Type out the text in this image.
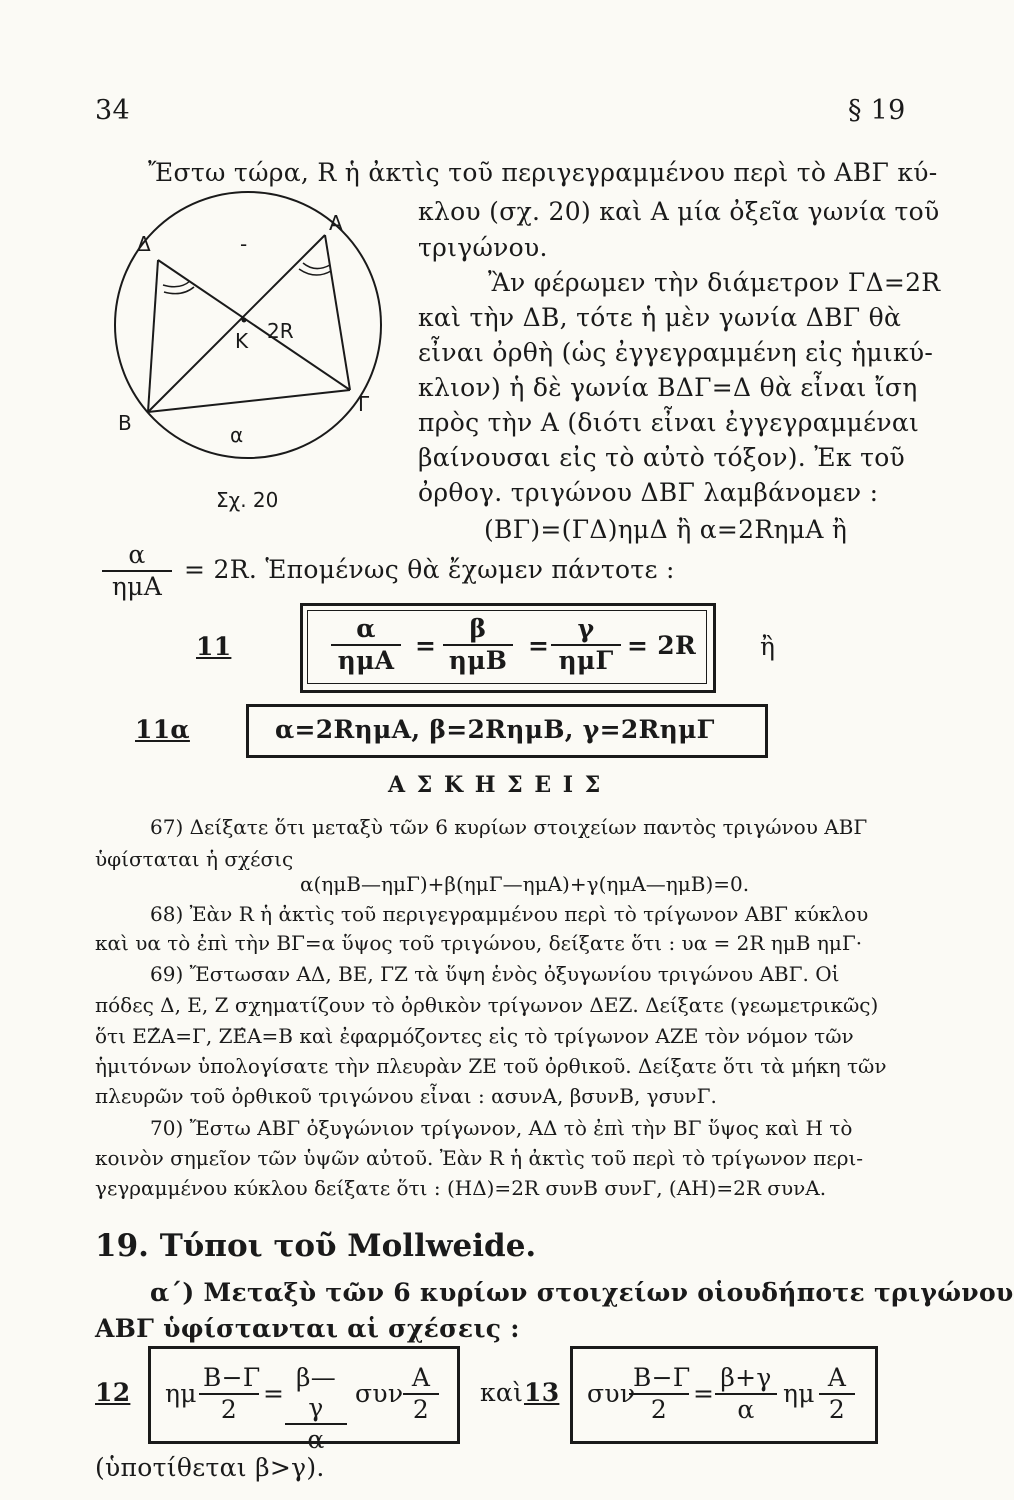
34	§ 19
Ἔστω τώρα, R ἡ ἀκτὶς τοῦ περιγεγραμμένου περὶ τὸ ΑΒΓ κύ-
κλου (σχ. 20) καὶ Α μία ὀξεῖα γωνία τοῦ
τριγώνου.
Ἂν φέρωμεν τὴν διάμετρον ΓΔ=2R
καὶ τὴν ΔΒ, τότε ἡ μὲν γωνία ΔΒΓ θὰ
εἶναι ὀρθὴ (ὡς ἐγγεγραμμένη εἰς ἡμικύ-
κλιον) ἡ δὲ γωνία ΒΔΓ=Δ θὰ εἶναι ἴση
πρὸς τὴν Α (διότι εἶναι ἐγγεγραμμέναι
βαίνουσαι εἰς τὸ αὐτὸ τόξον). Ἐκ τοῦ
ὀρθογ. τριγώνου ΔΒΓ λαμβάνομεν :
(ΒΓ)=(ΓΔ)ημΔ ἢ α=2RημΑ ἢ
Α
Δ	-
2R
Κ
Β
Γ
α
Σχ. 20
α
ημΑ
= 2R. Ἑπομένως θὰ ἔχωμεν πάντοτε :
11
α
ημΑ
=
β
ημΒ
=
γ
ημΓ
= 2R	ἢ
11α	α=2RημΑ, β=2RημΒ, γ=2RημΓ
Α Σ Κ Η Σ Ε Ι Σ
67) Δείξατε ὅτι μεταξὺ τῶν 6 κυρίων στοιχείων παντὸς τριγώνου ΑΒΓ
ὑφίσταται ἡ σχέσις
α(ημΒ—ημΓ)+β(ημΓ—ημΑ)+γ(ημΑ—ημΒ)=0.
68) Ἐὰν R ἡ ἀκτὶς τοῦ περιγεγραμμένου περὶ τὸ τρίγωνον ΑΒΓ κύκλου
καὶ υα τὸ ἐπὶ τὴν ΒΓ=α ὕψος τοῦ τριγώνου, δείξατε ὅτι : υα = 2R ημΒ ημΓ·
69) Ἔστωσαν ΑΔ, ΒΕ, ΓΖ τὰ ὕψη ἑνὸς ὀξυγωνίου τριγώνου ΑΒΓ. Οἱ
πόδες Δ, Ε, Ζ σχηματίζουν τὸ ὀρθικὸν τρίγωνον ΔΕΖ. Δείξατε (γεωμετρικῶς)
ὅτι ΕΖ̂Α=Γ, ΖΕ̂Α=Β καὶ ἐφαρμόζοντες εἰς τὸ τρίγωνον ΑΖΕ τὸν νόμον τῶν
ἡμιτόνων ὑπολογίσατε τὴν πλευρὰν ΖΕ τοῦ ὀρθικοῦ. Δείξατε ὅτι τὰ μήκη τῶν
πλευρῶν τοῦ ὀρθικοῦ τριγώνου εἶναι : ασυνΑ, βσυνΒ, γσυνΓ.
70) Ἔστω ΑΒΓ ὀξυγώνιον τρίγωνον, ΑΔ τὸ ἐπὶ τὴν ΒΓ ὕψος καὶ Η τὸ
κοινὸν σημεῖον τῶν ὑψῶν αὐτοῦ. Ἐὰν R ἡ ἀκτὶς τοῦ περὶ τὸ τρίγωνον περι-
γεγραμμένου κύκλου δείξατε ὅτι : (ΗΔ)=2R συνΒ συνΓ, (ΑΗ)=2R συνΑ.
19. Τύποι τοῦ Mollweide.
α΄) Μεταξὺ τῶν 6 κυρίων στοιχείων οἱουδήποτε τριγώνου
ΑΒΓ ὑφίστανται αἱ σχέσεις :
12 ημ $\frac{B-\Gamma}{2} = \frac{\beta—\gamma}{\alpha}$ συν $\frac{A}{2}$ καὶ 13 συν
$\frac{B-\Gamma}{2} = \frac{\beta+\gamma}{\alpha}$ ημ $\frac{A}{2}$
(ὑποτίθεται β>γ).
